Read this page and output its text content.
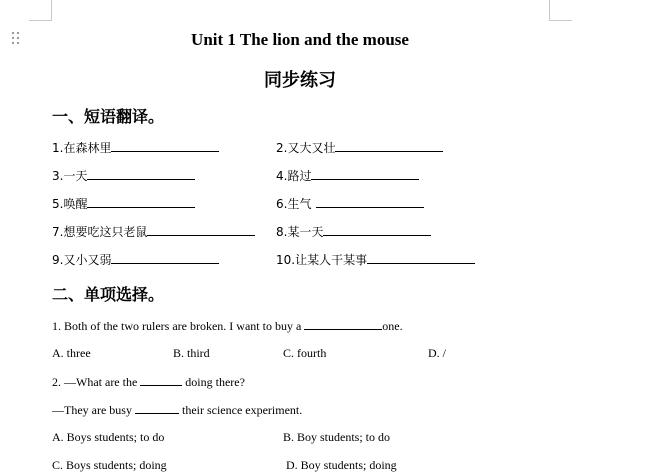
Unit 1 The lion and the mouse
同步练习
一、短语翻译。
1.在森林里	2.又大又壮
3.一天	4.路过
5.唤醒	6.生气
7.想要吃这只老鼠	8.某一天
9.又小又弱	10.让某人干某事
二、单项选择。
1. Both of the two rulers are broken. I want to buy a	one.
A. three	B. third	C. fourth	D. /
2. —What are the	doing there?
—They are busy	their science experiment.
A. Boys students; to do	B. Boy students; to do
C. Boys students; doing	D. Boy students; doing
